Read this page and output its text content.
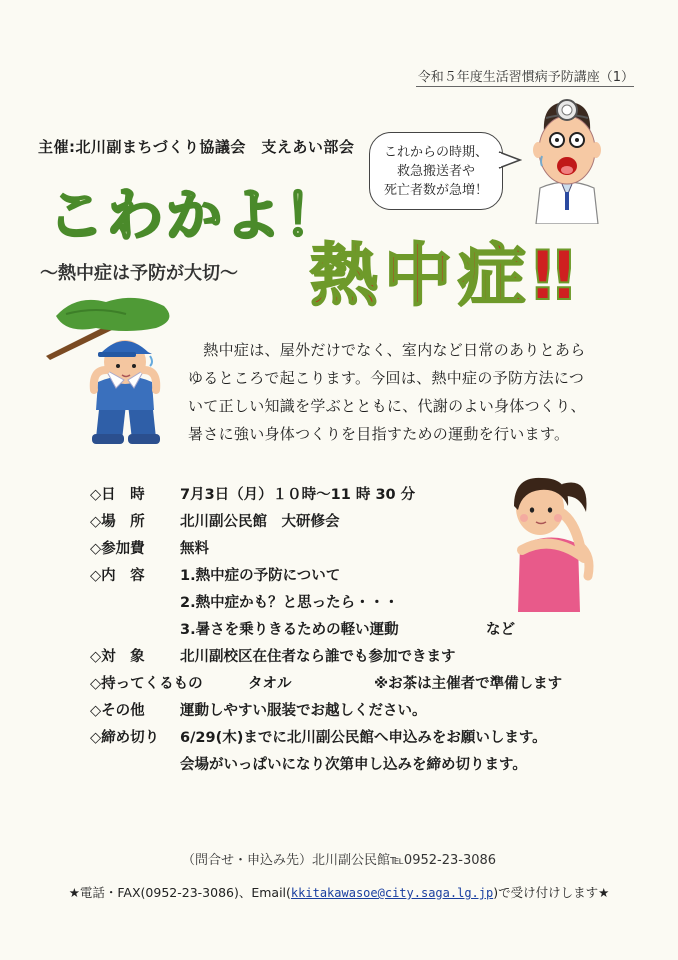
令和５年度生活習慣病予防講座（1）
主催:北川副まちづくり協議会　支えあい部会	これからの時期、
救急搬送者や
死亡者数が急増！
こわかよ！
～熱中症は予防が大切～ 熱中症‼

　熱中症は、屋外だけでなく、室内など日常のありとあら

ゆるところで起こります。今回は、熱中症の予防方法につ

いて正しい知識を学ぶとともに、代謝のよい身体つくり、

暑さに強い身体つくりを目指すための運動を行います。

◇日　時 7月3日（月）１０時～11 時 30 分
◇場　所 北川副公民館　大研修会
◇参加費 無料
◇内　容 1.熱中症の予防について
2.熱中症かも？と思ったら・・・
3.暑さを乗りきるための軽い運動	など
◇対　象 北川副校区在住者なら誰でも参加できます
◇持ってくるもの	タオル	※お茶は主催者で準備します
◇その他 運動しやすい服装でお越しください。
◇締め切り 6/29(木)までに北川副公民館へ申込みをお願いします。
会場がいっぱいになり次第申し込みを締め切ります。
（問合せ・申込み先）北川副公民館℡0952-23-3086
★電話・FAX(0952-23-3086)、Email(kkitakawasoe@city.saga.lg.jp)で受け付けします★
